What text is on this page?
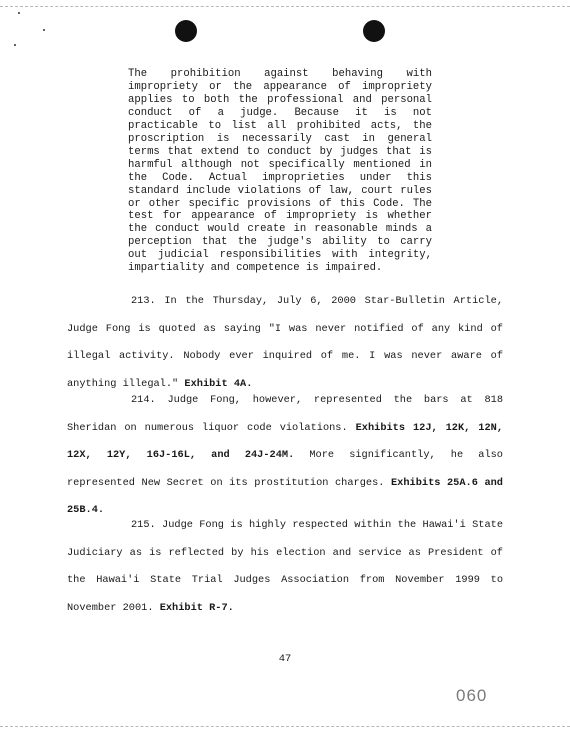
The prohibition against behaving with impropriety or the appearance of impropriety applies to both the professional and personal conduct of a judge. Because it is not practicable to list all prohibited acts, the proscription is necessarily cast in general terms that extend to conduct by judges that is harmful although not specifically mentioned in the Code. Actual improprieties under this standard include violations of law, court rules or other specific provisions of this Code. The test for appearance of impropriety is whether the conduct would create in reasonable minds a perception that the judge's ability to carry out judicial responsibilities with integrity, impartiality and competence is impaired.

213. In the Thursday, July 6, 2000 Star-Bulletin Article, Judge Fong is quoted as saying "I was never notified of any kind of illegal activity. Nobody ever inquired of me. I was never aware of anything illegal." Exhibit 4A.

214. Judge Fong, however, represented the bars at 818 Sheridan on numerous liquor code violations. Exhibits 12J, 12K, 12N, 12X, 12Y, 16J-16L, and 24J-24M. More significantly, he also represented New Secret on its prostitution charges. Exhibits 25A.6 and 25B.4.

215. Judge Fong is highly respected within the Hawai'i State Judiciary as is reflected by his election and service as President of the Hawai'i State Trial Judges Association from November 1999 to November 2001. Exhibit R-7.

47
060
